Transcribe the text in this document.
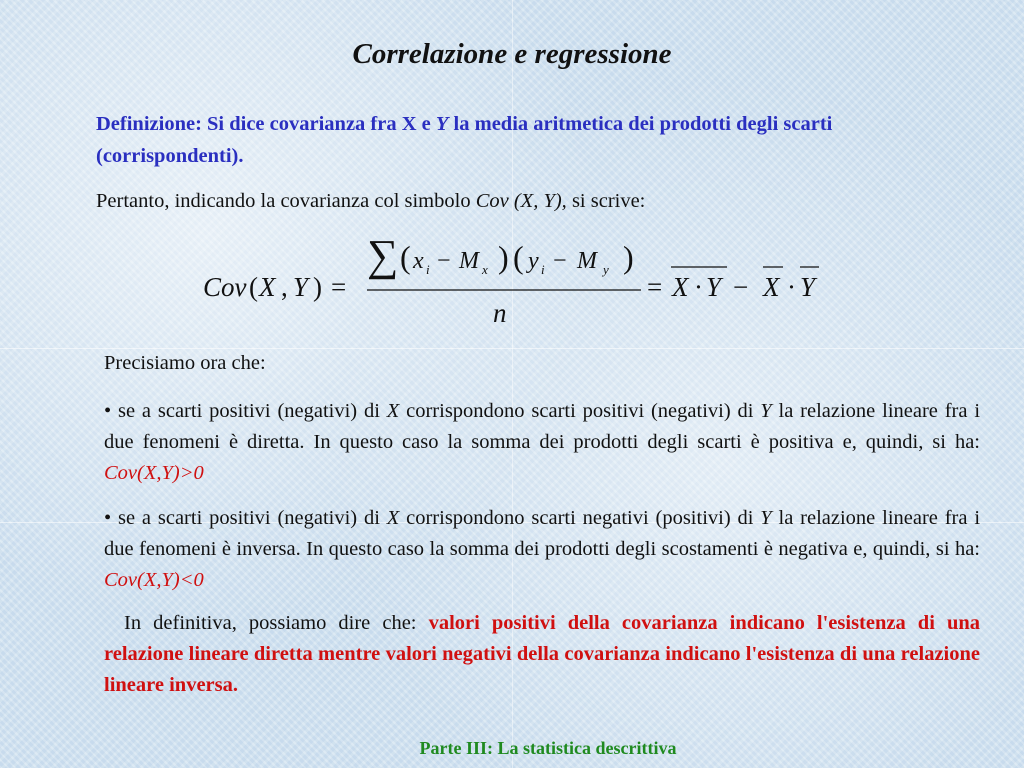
Correlazione e regressione
Definizione: Si dice covarianza fra X e Y la media aritmetica dei prodotti degli scarti (corrispondenti).
Pertanto, indicando la covarianza col simbolo Cov (X, Y), si scrive:
Cov ( X , Y ) =
∑ ( x i − M x ) ( y i − M y )
n
= X · Y − X · Y
Precisiamo ora che:
• se a scarti positivi (negativi) di X corrispondono scarti positivi (negativi) di Y la relazione lineare fra i due fenomeni è diretta. In questo caso la somma dei prodotti degli scarti è positiva e, quindi, si ha: Cov(X,Y)>0
• se a scarti positivi (negativi) di X corrispondono scarti negativi (positivi) di Y la relazione lineare fra i due fenomeni è inversa. In questo caso la somma dei prodotti degli scostamenti è negativa e, quindi, si ha: Cov(X,Y)<0
In definitiva, possiamo dire che: valori positivi della covarianza indicano l'esistenza di una relazione lineare diretta mentre valori negativi della covarianza indicano l'esistenza di una relazione lineare inversa.
Parte III: La statistica descrittiva
